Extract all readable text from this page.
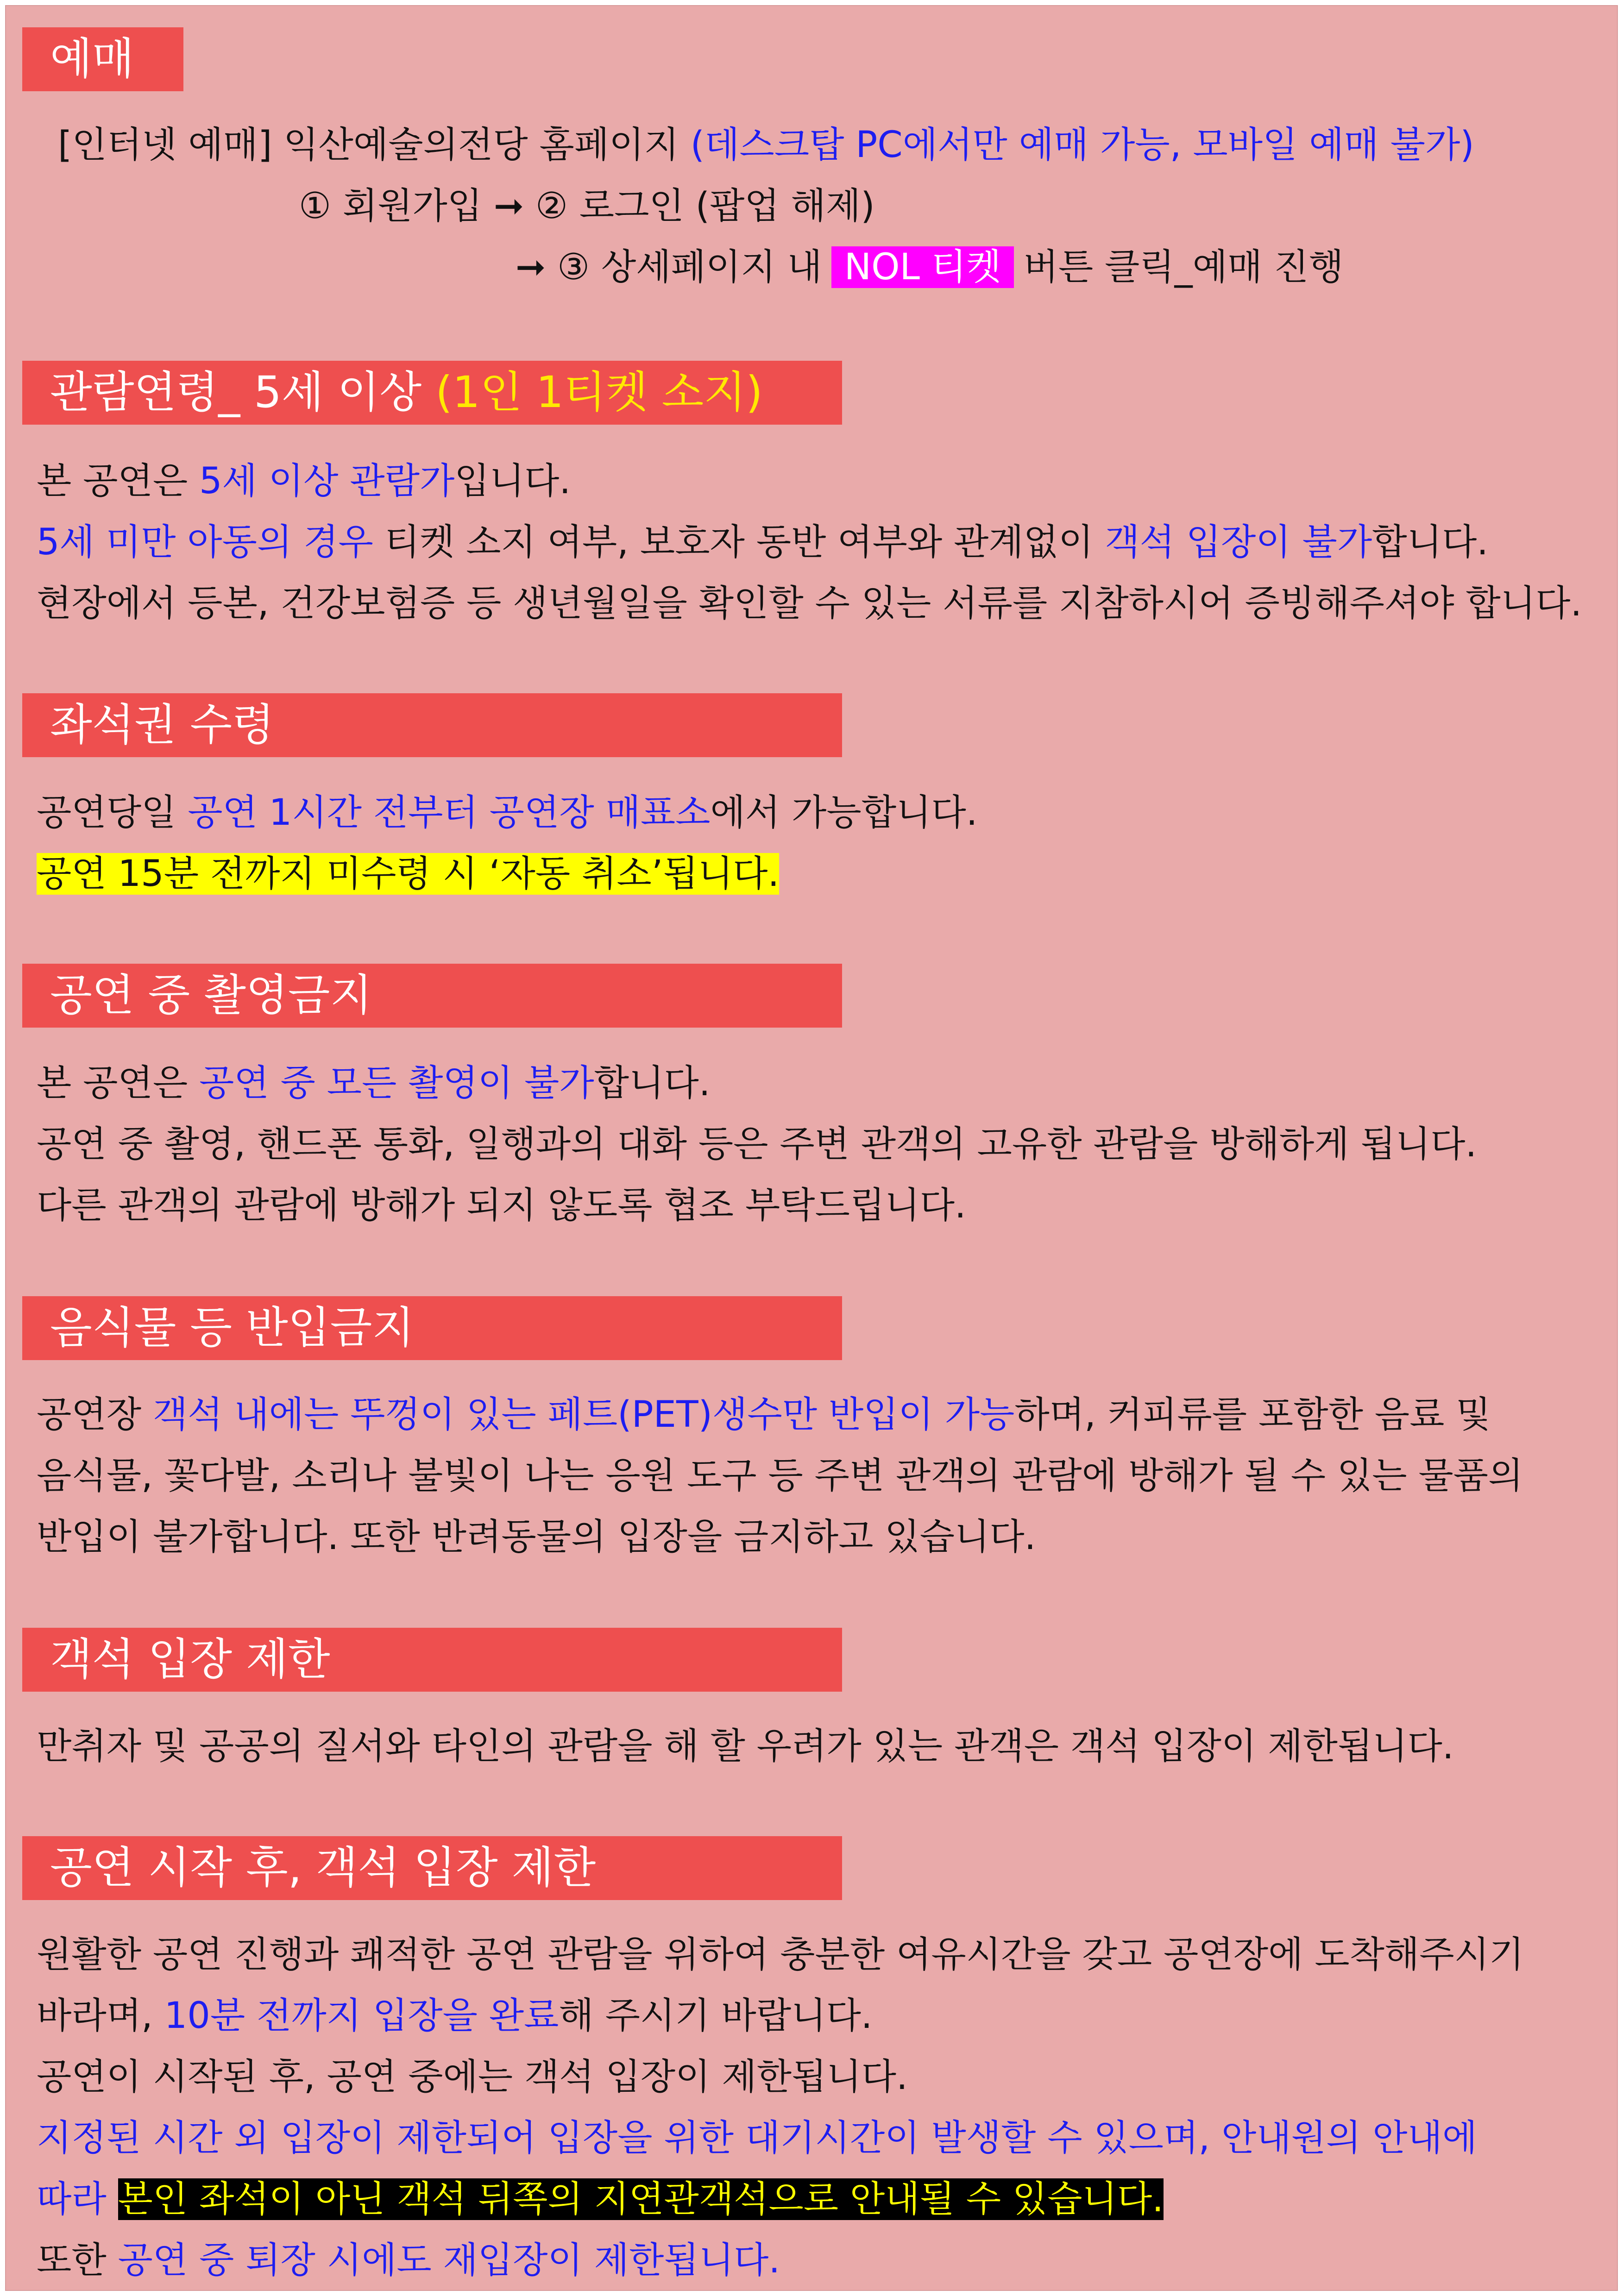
예매
[인터넷 예매] 익산예술의전당 홈페이지 (데스크탑 PC에서만 예매 가능, 모바일 예매 불가)
① 회원가입 ➞ ② 로그인 (팝업 해제)
➞ ③ 상세페이지 내 NOL 티켓 버튼 클릭_예매 진행
관람연령_ 5세 이상 (1인 1티켓 소지)
본 공연은 5세 이상 관람가입니다.
5세 미만 아동의 경우 티켓 소지 여부, 보호자 동반 여부와 관계없이 객석 입장이 불가합니다.
현장에서 등본, 건강보험증 등 생년월일을 확인할 수 있는 서류를 지참하시어 증빙해주셔야 합니다.
좌석권 수령
공연당일 공연 1시간 전부터 공연장 매표소에서 가능합니다.
공연 15분 전까지 미수령 시 ‘자동 취소’됩니다.
공연 중 촬영금지
본 공연은 공연 중 모든 촬영이 불가합니다.
공연 중 촬영, 핸드폰 통화, 일행과의 대화 등은 주변 관객의 고유한 관람을 방해하게 됩니다.
다른 관객의 관람에 방해가 되지 않도록 협조 부탁드립니다.
음식물 등 반입금지
공연장 객석 내에는 뚜껑이 있는 페트(PET)생수만 반입이 가능하며, 커피류를 포함한 음료 및
음식물, 꽃다발, 소리나 불빛이 나는 응원 도구 등 주변 관객의 관람에 방해가 될 수 있는 물품의
반입이 불가합니다. 또한 반려동물의 입장을 금지하고 있습니다.
객석 입장 제한
만취자 및 공공의 질서와 타인의 관람을 해 할 우려가 있는 관객은 객석 입장이 제한됩니다.
공연 시작 후, 객석 입장 제한
원활한 공연 진행과 쾌적한 공연 관람을 위하여 충분한 여유시간을 갖고 공연장에 도착해주시기
바라며, 10분 전까지 입장을 완료해 주시기 바랍니다.
공연이 시작된 후, 공연 중에는 객석 입장이 제한됩니다.
지정된 시간 외 입장이 제한되어 입장을 위한 대기시간이 발생할 수 있으며, 안내원의 안내에
따라 본인 좌석이 아닌 객석 뒤쪽의 지연관객석으로 안내될 수 있습니다.
또한 공연 중 퇴장 시에도 재입장이 제한됩니다.
